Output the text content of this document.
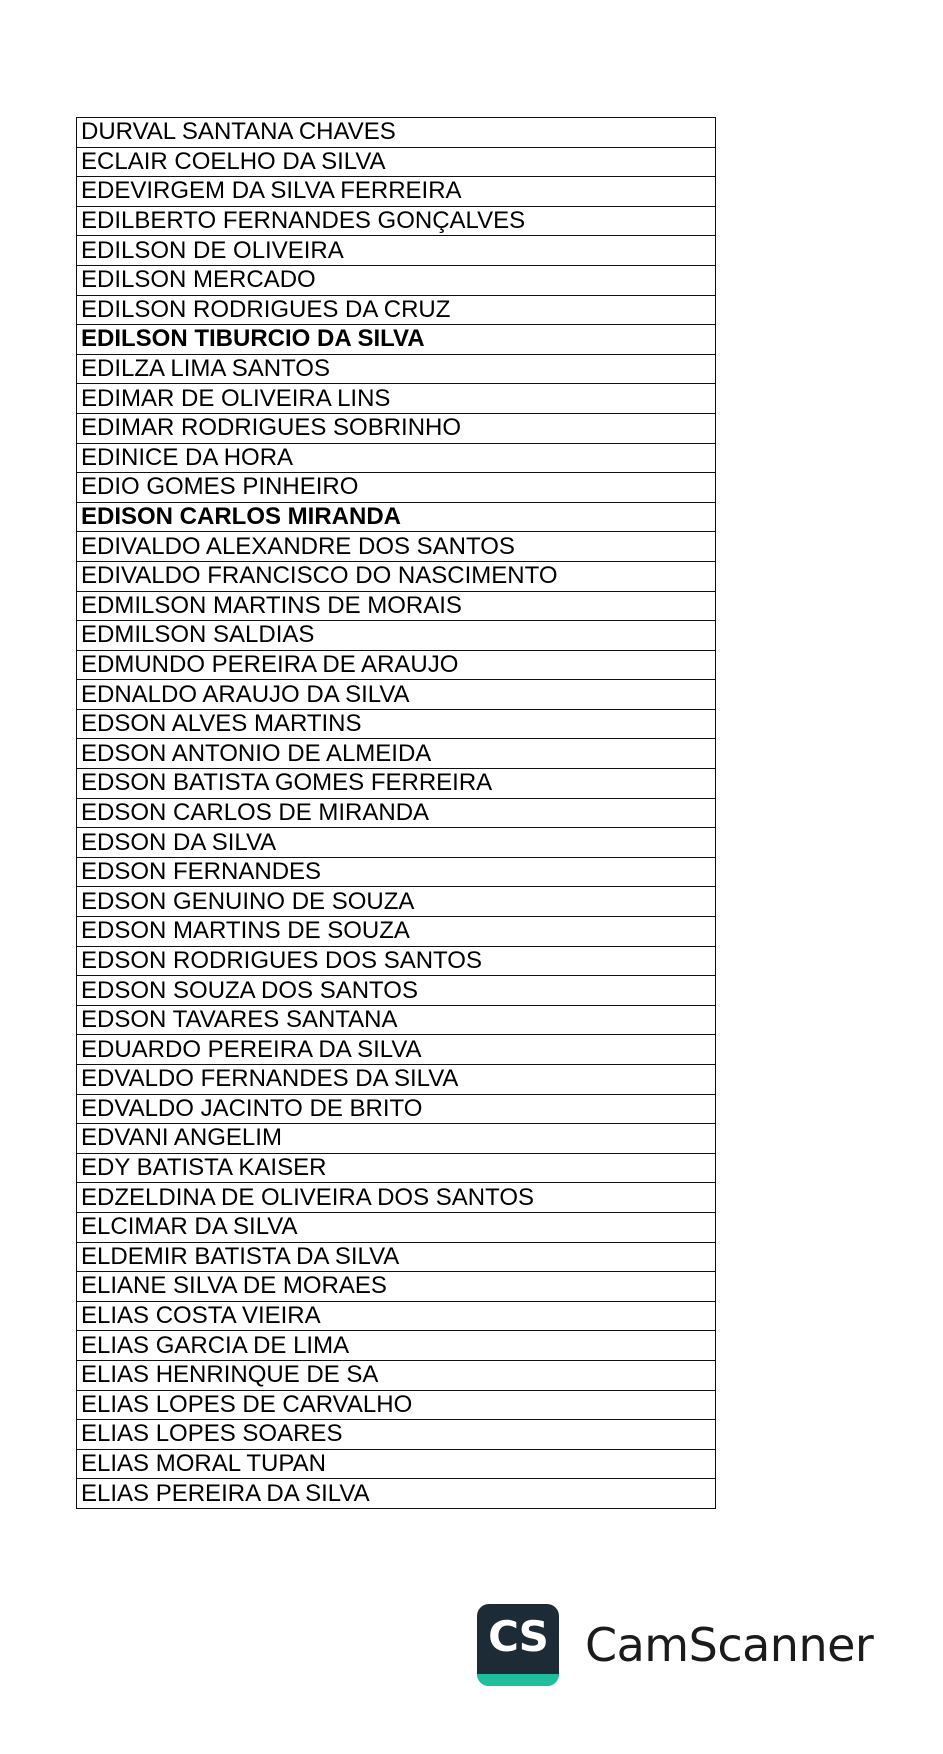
DURVAL SANTANA CHAVES
ECLAIR COELHO DA SILVA
EDEVIRGEM DA SILVA FERREIRA
EDILBERTO FERNANDES GONÇALVES
EDILSON DE OLIVEIRA
EDILSON MERCADO
EDILSON RODRIGUES DA CRUZ
EDILSON TIBURCIO DA SILVA
EDILZA LIMA SANTOS
EDIMAR DE OLIVEIRA LINS
EDIMAR RODRIGUES SOBRINHO
EDINICE DA HORA
EDIO GOMES PINHEIRO
EDISON CARLOS MIRANDA
EDIVALDO ALEXANDRE DOS SANTOS
EDIVALDO FRANCISCO DO NASCIMENTO
EDMILSON MARTINS DE MORAIS
EDMILSON SALDIAS
EDMUNDO PEREIRA DE ARAUJO
EDNALDO ARAUJO DA SILVA
EDSON ALVES MARTINS
EDSON ANTONIO DE ALMEIDA
EDSON BATISTA GOMES FERREIRA
EDSON CARLOS DE MIRANDA
EDSON DA SILVA
EDSON FERNANDES
EDSON GENUINO DE SOUZA
EDSON MARTINS DE SOUZA
EDSON RODRIGUES DOS SANTOS
EDSON SOUZA DOS SANTOS
EDSON TAVARES SANTANA
EDUARDO PEREIRA DA SILVA
EDVALDO FERNANDES DA SILVA
EDVALDO JACINTO DE BRITO
EDVANI ANGELIM
EDY BATISTA KAISER
EDZELDINA DE OLIVEIRA DOS SANTOS
ELCIMAR DA SILVA
ELDEMIR BATISTA DA SILVA
ELIANE SILVA DE MORAES
ELIAS COSTA VIEIRA
ELIAS GARCIA DE LIMA
ELIAS HENRINQUE DE SA
ELIAS LOPES DE CARVALHO
ELIAS LOPES SOARES
ELIAS MORAL TUPAN
ELIAS PEREIRA DA SILVA
CS CamScanner
